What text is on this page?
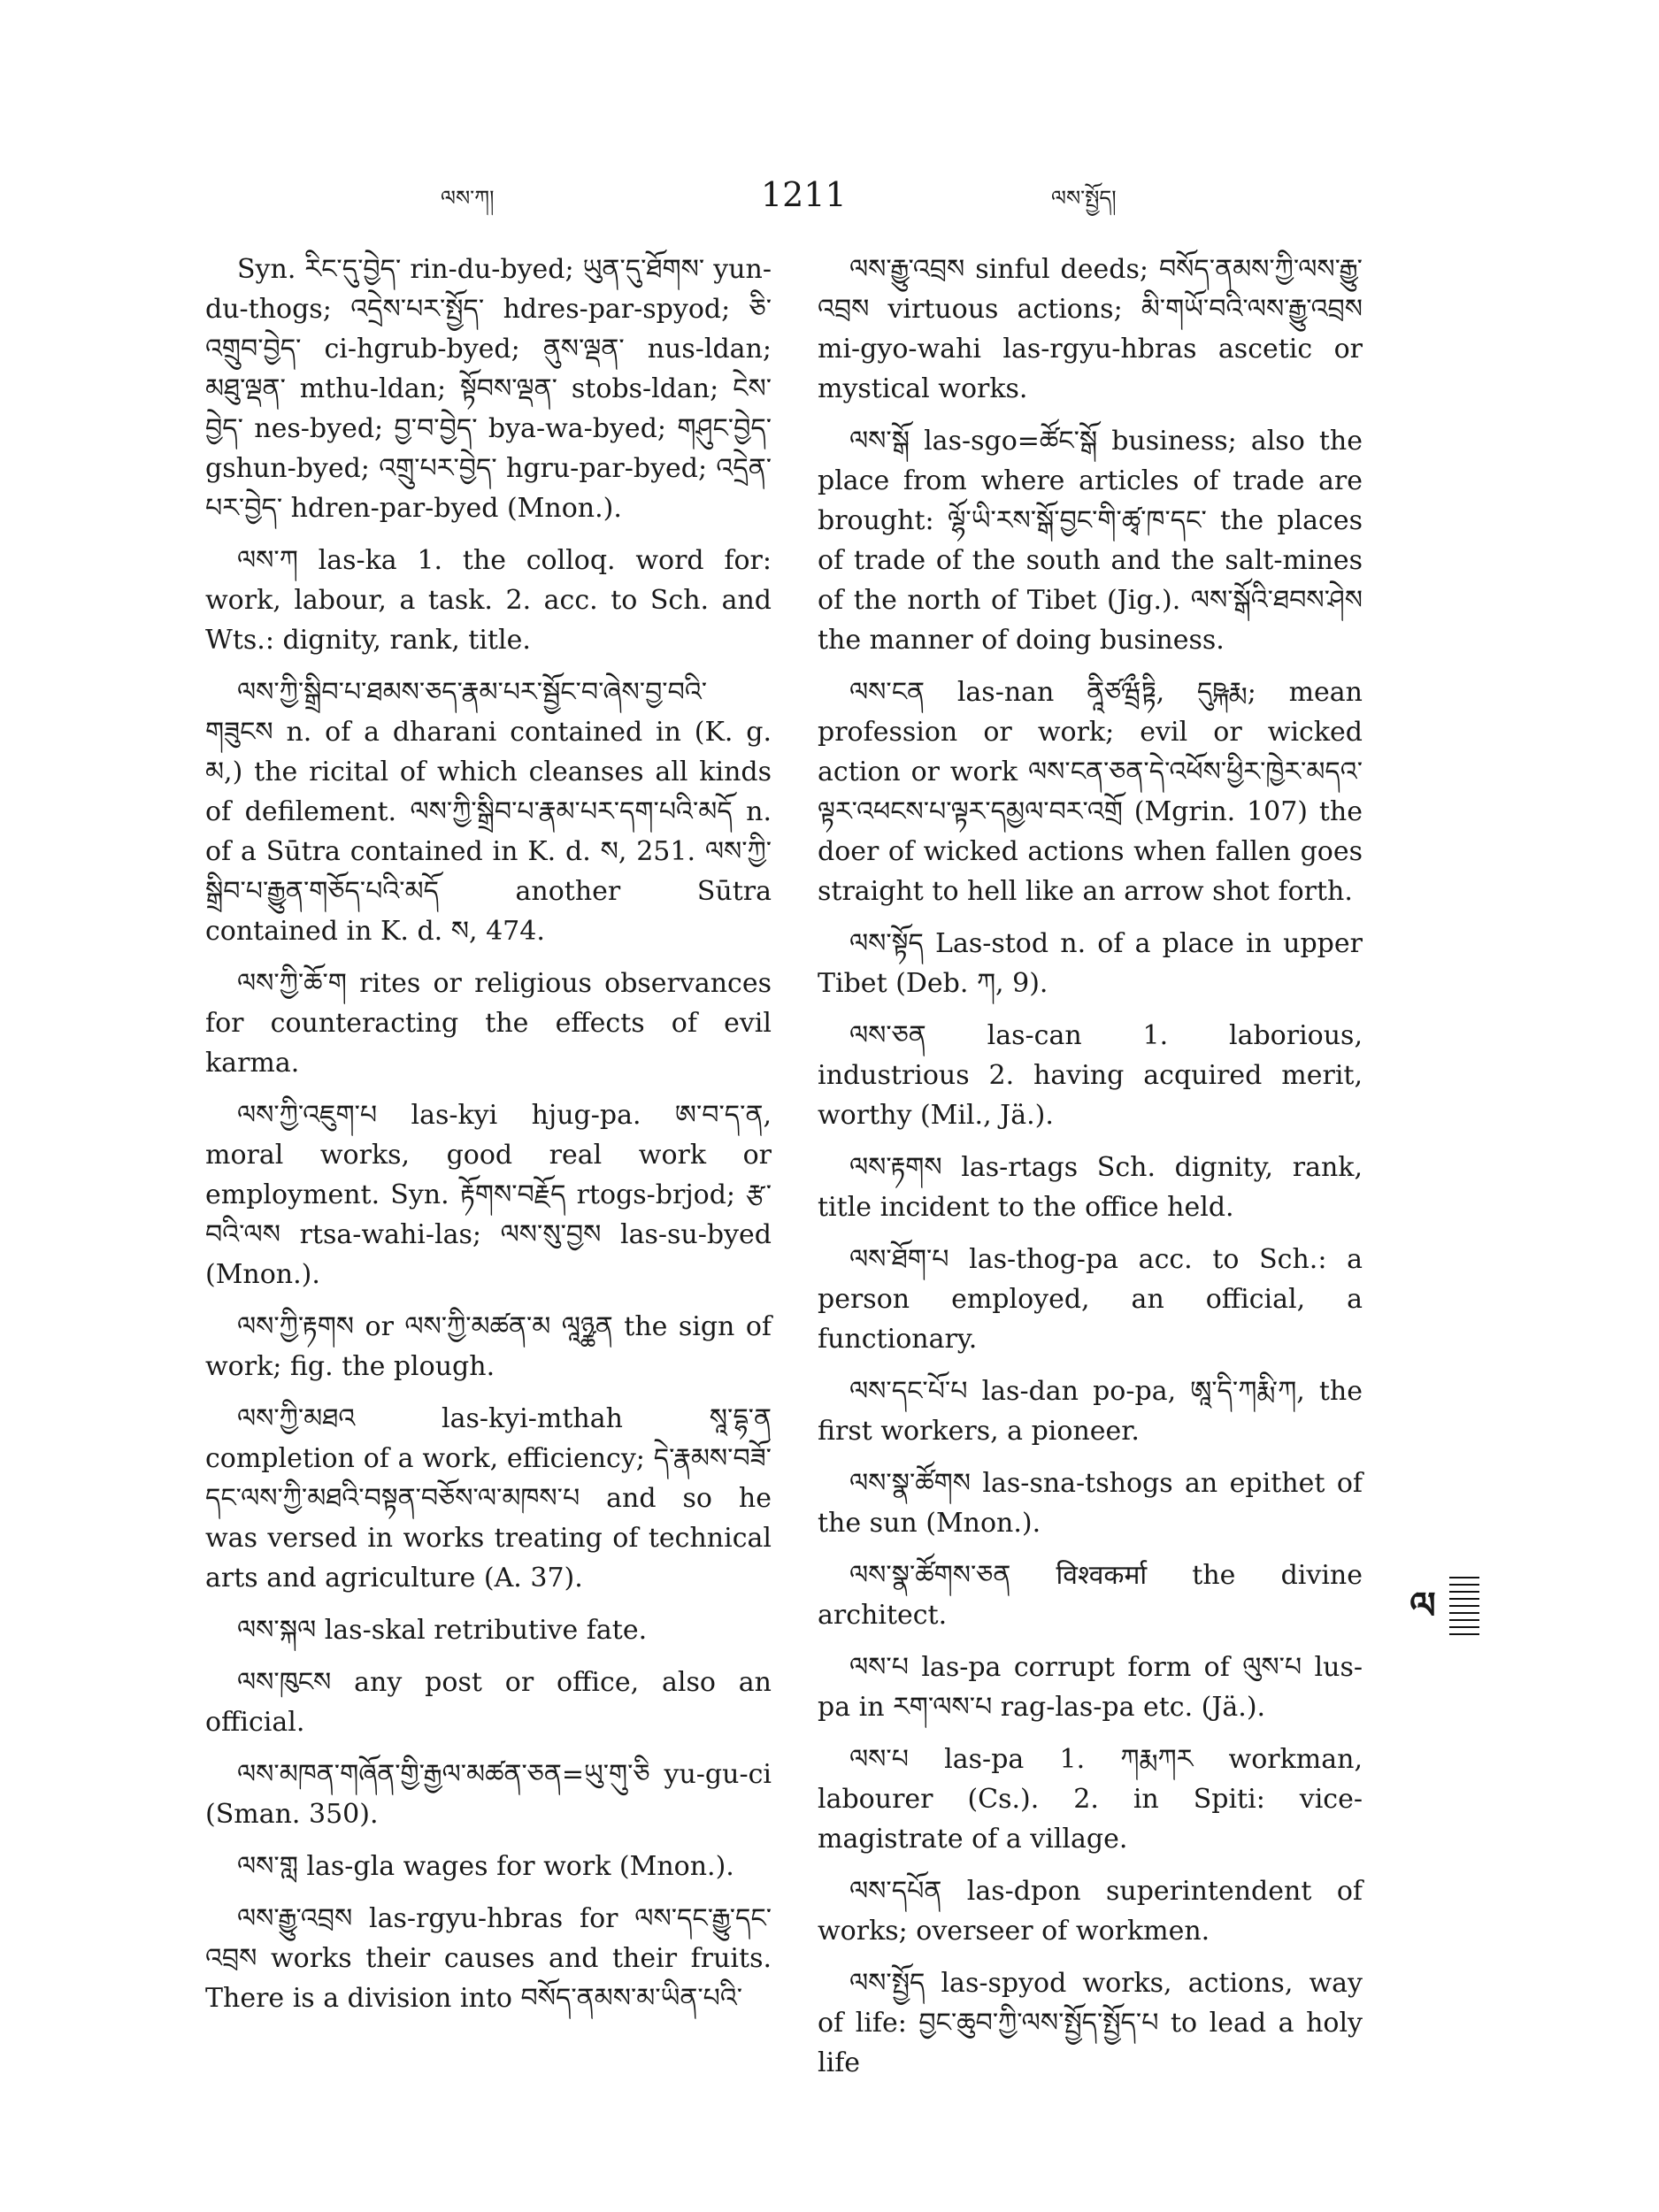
ལས་ཀ།	1211	ལས་སྤྱོད།

Syn. རིང་དུ་བྱེད་ rin-du-byed; ཡུན་དུ་ཐོགས་ yun-du-thogs; འདྲེས་པར་སྤྱོད་ hdres-par-spyod; ཅི་འགྲུབ་བྱེད་ ci-hgrub-byed; ནུས་ལྡན་ nus-ldan; མཐུ་ལྡན་ mthu-ldan; སྟོབས་ལྡན་ stobs-ldan; ངེས་བྱེད་ nes-byed; བྱ་བ་བྱེད་ bya-wa-byed; གཤུང་བྱེད་ gshun-byed; འགྲུ་པར་བྱེད་ hgru-par-byed; འདྲེན་པར་བྱེད་ hdren-par-byed (Mnon.).

ལས་ཀ las-ka 1. the colloq. word for: work, labour, a task. 2. acc. to Sch. and Wts.: dignity, rank, title.

ལས་ཀྱི་སྒྲིབ་པ་ཐམས་ཅད་རྣམ་པར་སྦྱོང་བ་ཞེས་བྱ་བའི་གཟུངས n. of a dharani contained in (K. g. མ,) the ricital of which cleanses all kinds of defilement. ལས་ཀྱི་སྒྲིབ་པ་རྣམ་པར་དག་པའི་མདོ n. of a Sūtra contained in K. d. ས, 251. ལས་ཀྱི་སྒྲིབ་པ་རྒྱུན་གཅོད་པའི་མདོ another Sūtra contained in K. d. ས, 474.

ལས་ཀྱི་ཆོ་ག rites or religious observances for counteracting the effects of evil karma.

ལས་ཀྱི་འཇུག་པ las-kyi hjug-pa. ཨ་བ་ད་ན, moral works, good real work or employment. Syn. རྟོགས་བརྗོད rtogs-brjod; རྩ་བའི་ལས rtsa-wahi-las; ལས་སུ་བྱས las-su-byed (Mnon.).

ལས་ཀྱི་རྟགས or ལས་ཀྱི་མཚན་མ ལཱཉྪན the sign of work; fig. the plough.

ལས་ཀྱི་མཐའ las-kyi-mthah སཱ་དྷ་ན completion of a work, efficiency; དེ་རྣམས་བཟོ་དང་ལས་ཀྱི་མཐའི་བསྟན་བཅོས་ལ་མཁས་པ and so he was versed in works treating of technical arts and agriculture (A. 37).

ལས་སྐལ las-skal retributive fate.

ལས་ཁུངས any post or office, also an official.

ལས་མཁན་གཞོན་གྱི་རྒྱལ་མཚན་ཅན=ཡུ་གུ་ཅི yu-gu-ci (Sman. 350).

ལས་གླ las-gla wages for work (Mnon.).

ལས་རྒྱུ་འབྲས las-rgyu-hbras for ལས་དང་རྒྱུ་དང་འབྲས works their causes and their fruits. There is a division into བསོད་ནམས་མ་ཡིན་པའི་

ལས་རྒྱུ་འབྲས sinful deeds; བསོད་ནམས་ཀྱི་ལས་རྒྱུ་འབྲས virtuous actions; མི་གཡོ་བའི་ལས་རྒྱུ་འབྲས mi-gyo-wahi las-rgyu-hbras ascetic or mystical works.

ལས་སྒོ las-sgo=ཚོང་སྒོ business; also the place from where articles of trade are brought: ལྷོ་ཡི་རས་སྒོ་བྱང་གི་ཚྭ་ཁ་དང་ the places of trade of the south and the salt-mines of the north of Tibet (Jig.). ལས་སྒོའི་ཐབས་ཤེས the manner of doing business.

ལས་ངན las-nan ནཱིཙཝྲྀཏྟི, དུཥྐརྨ; mean profession or work; evil or wicked action or work ལས་ངན་ཅན་དེ་འཕོས་ཕྱིར་ཁྱེར་མདའ་ལྟར་འཕངས་པ་ལྟར་དམྱལ་བར་འགྲོ (Mgrin. 107) the doer of wicked actions when fallen goes straight to hell like an arrow shot forth.

ལས་སྟོད Las-stod n. of a place in upper Tibet (Deb. ཀ, 9).

ལས་ཅན las-can 1. laborious, industrious 2. having acquired merit, worthy (Mil., Jä.).

ལས་རྟགས las-rtags Sch. dignity, rank, title incident to the office held.

ལས་ཐོག་པ las-thog-pa acc. to Sch.: a person employed, an official, a functionary.

ལས་དང་པོ་པ las-dan po-pa, ཨཱ་དི་ཀརྨི་ཀ, the first workers, a pioneer.

ལས་སྣ་ཚོགས las-sna-tshogs an epithet of the sun (Mnon.).

ལས་སྣ་ཚོགས་ཅན विश्वकर्मा the divine architect.

ལས་པ las-pa corrupt form of ལུས་པ lus-pa in རག་ལས་པ rag-las-pa etc. (Jä.).

ལས་པ las-pa 1. ཀརྨཀར workman, labourer (Cs.). 2. in Spiti: vice-magistrate of a village.

ལས་དཔོན las-dpon superintendent of works; overseer of workmen.

ལས་སྤྱོད las-spyod works, actions, way of life: བྱང་ཆུབ་ཀྱི་ལས་སྤྱོད་སྤྱོད་པ to lead a holy life

ལ
